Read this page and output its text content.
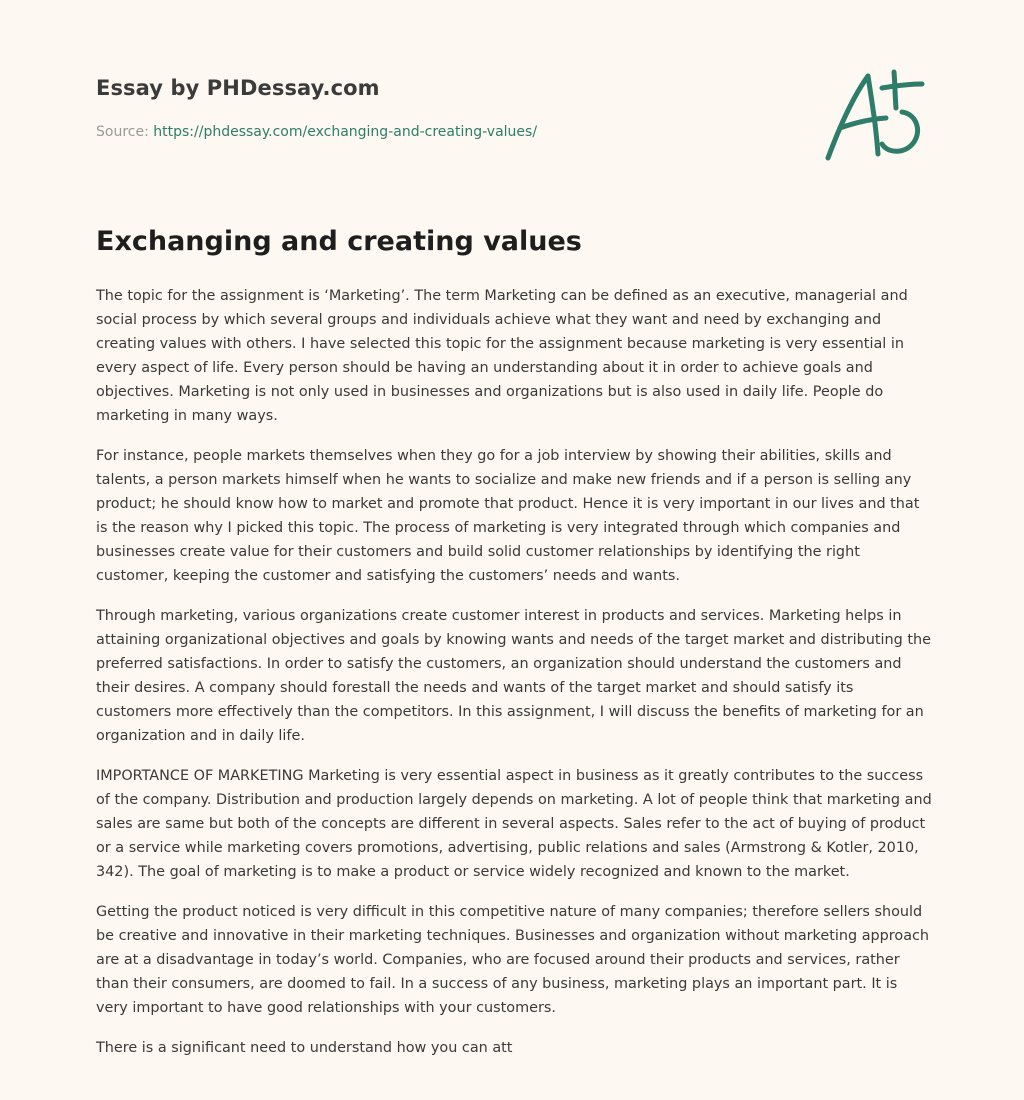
Essay by PHDessay.com
Source: https://phdessay.com/exchanging-and-creating-values/
Exchanging and creating values

The topic for the assignment is ‘Marketing’. The term Marketing can be defined as an executive, managerial and social process by which several groups and individuals achieve what they want and need by exchanging and creating values with others. I have selected this topic for the assignment because marketing is very essential in every aspect of life. Every person should be having an understanding about it in order to achieve goals and objectives. Marketing is not only used in businesses and organizations but is also used in daily life. People do marketing in many ways.

For instance, people markets themselves when they go for a job interview by showing their abilities, skills and talents, a person markets himself when he wants to socialize and make new friends and if a person is selling any product; he should know how to market and promote that product. Hence it is very important in our lives and that is the reason why I picked this topic. The process of marketing is very integrated through which companies and businesses create value for their customers and build solid customer relationships by identifying the right customer, keeping the customer and satisfying the customers’ needs and wants.

Through marketing, various organizations create customer interest in products and services. Marketing helps in attaining organizational objectives and goals by knowing wants and needs of the target market and distributing the preferred satisfactions. In order to satisfy the customers, an organization should understand the customers and their desires. A company should forestall the needs and wants of the target market and should satisfy its customers more effectively than the competitors. In this assignment, I will discuss the benefits of marketing for an organization and in daily life.

IMPORTANCE OF MARKETING Marketing is very essential aspect in business as it greatly contributes to the success of the company. Distribution and production largely depends on marketing. A lot of people think that marketing and sales are same but both of the concepts are different in several aspects. Sales refer to the act of buying of product or a service while marketing covers promotions, advertising, public relations and sales (Armstrong & Kotler, 2010, 342). The goal of marketing is to make a product or service widely recognized and known to the market.

Getting the product noticed is very difficult in this competitive nature of many companies; therefore sellers should be creative and innovative in their marketing techniques. Businesses and organization without marketing approach are at a disadvantage in today’s world. Companies, who are focused around their products and services, rather than their consumers, are doomed to fail. In a success of any business, marketing plays an important part. It is very important to have good relationships with your customers.

There is a significant need to understand how you can att
